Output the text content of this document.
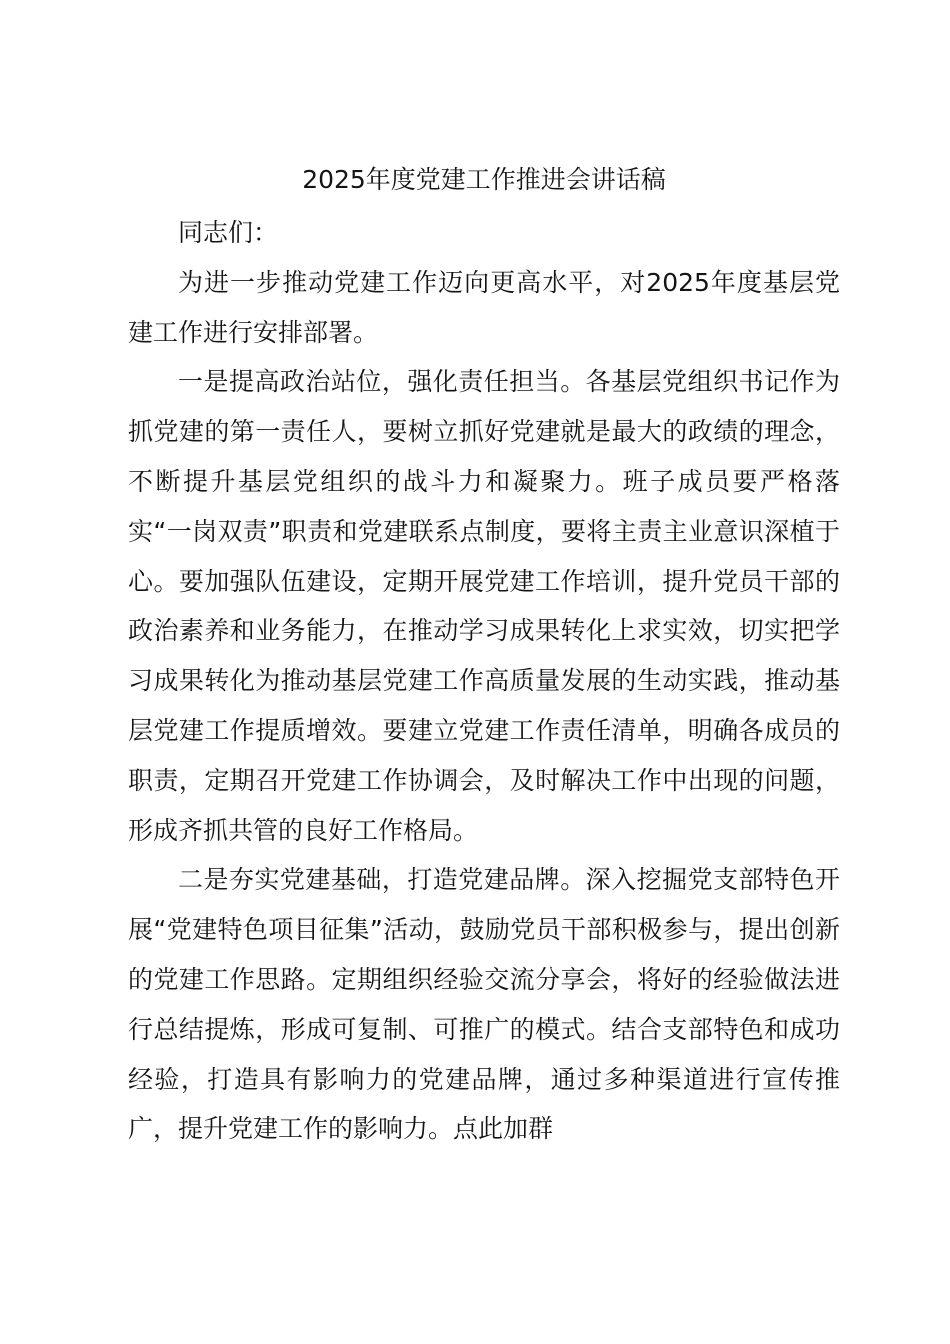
2025年度党建工作推进会讲话稿

同志们：

为进一步推动党建工作迈向更高水平，对2025年度基层党建工作进行安排部署。

一是提高政治站位，强化责任担当。各基层党组织书记作为抓党建的第一责任人，要树立抓好党建就是最大的政绩的理念，不断提升基层党组织的战斗力和凝聚力。班子成员要严格落实“一岗双责”职责和党建联系点制度，要将主责主业意识深植于心。要加强队伍建设，定期开展党建工作培训，提升党员干部的政治素养和业务能力，在推动学习成果转化上求实效，切实把学习成果转化为推动基层党建工作高质量发展的生动实践，推动基层党建工作提质增效。要建立党建工作责任清单，明确各成员的职责，定期召开党建工作协调会，及时解决工作中出现的问题，形成齐抓共管的良好工作格局。

二是夯实党建基础，打造党建品牌。深入挖掘党支部特色开展“党建特色项目征集”活动，鼓励党员干部积极参与，提出创新的党建工作思路。定期组织经验交流分享会，将好的经验做法进行总结提炼，形成可复制、可推广的模式。结合支部特色和成功经验，打造具有影响力的党建品牌，通过多种渠道进行宣传推广，提升党建工作的影响力。点此加群
